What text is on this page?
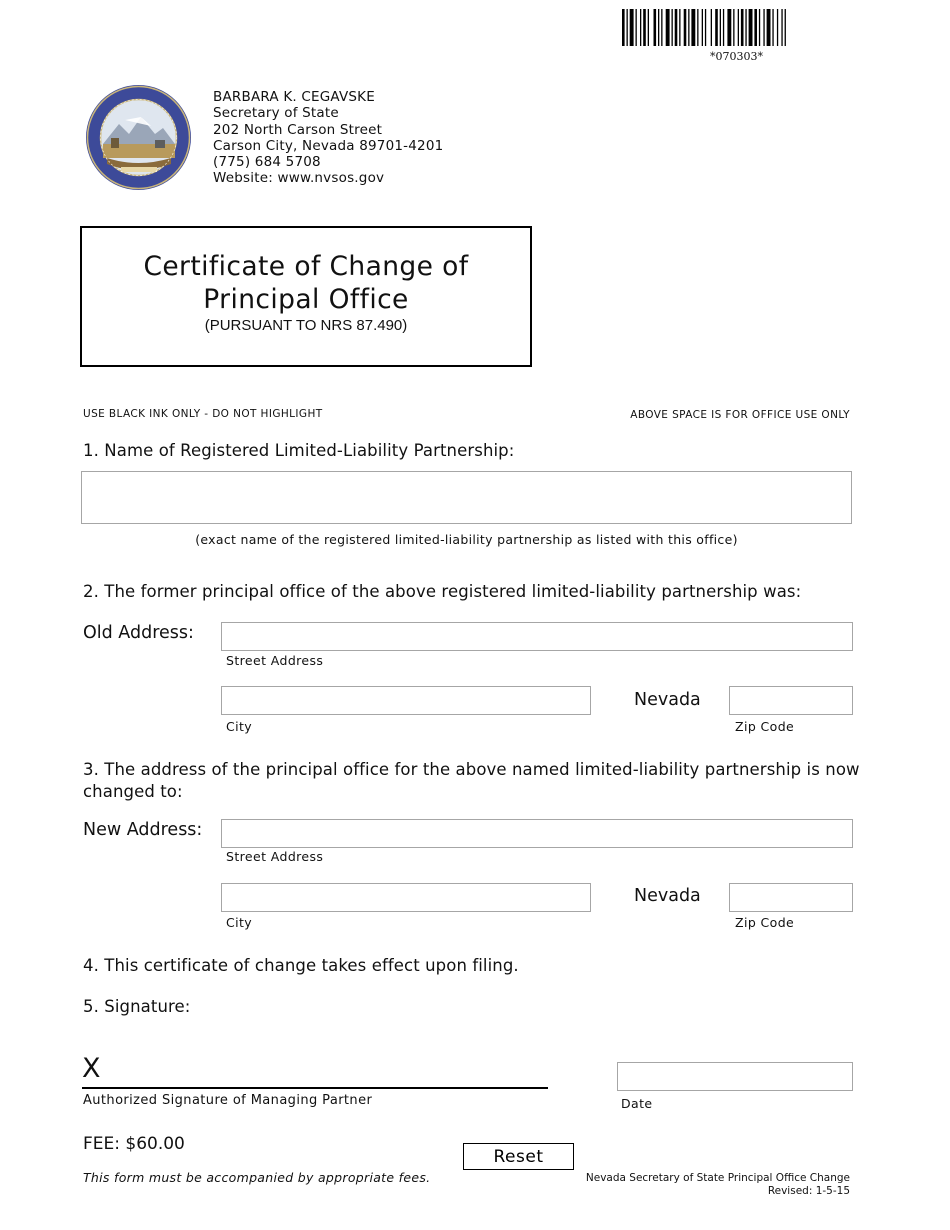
*070303*
BARBARA K. CEGAVSKE
Secretary of State
202 North Carson Street
Carson City, Nevada 89701-4201
(775) 684 5708
Website: www.nvsos.gov
Certificate of Change of
Principal Office
(PURSUANT TO NRS 87.490)
USE BLACK INK ONLY - DO NOT HIGHLIGHT	ABOVE SPACE IS FOR OFFICE USE ONLY
1. Name of Registered Limited-Liability Partnership:
(exact name of the registered limited-liability partnership as listed with this office)
2. The former principal office of the above registered limited-liability partnership was:
Old Address:
Street Address
City
Nevada
Zip Code
3. The address of the principal office for the above named limited-liability partnership is now
changed to:
New Address:
Street Address
City
Nevada
Zip Code
4. This certificate of change takes effect upon filing.
5. Signature:
X
Authorized Signature of Managing Partner	Date
FEE: $60.00
This form must be accompanied by appropriate fees.
Reset
Nevada Secretary of State Principal Office Change
Revised: 1-5-15
